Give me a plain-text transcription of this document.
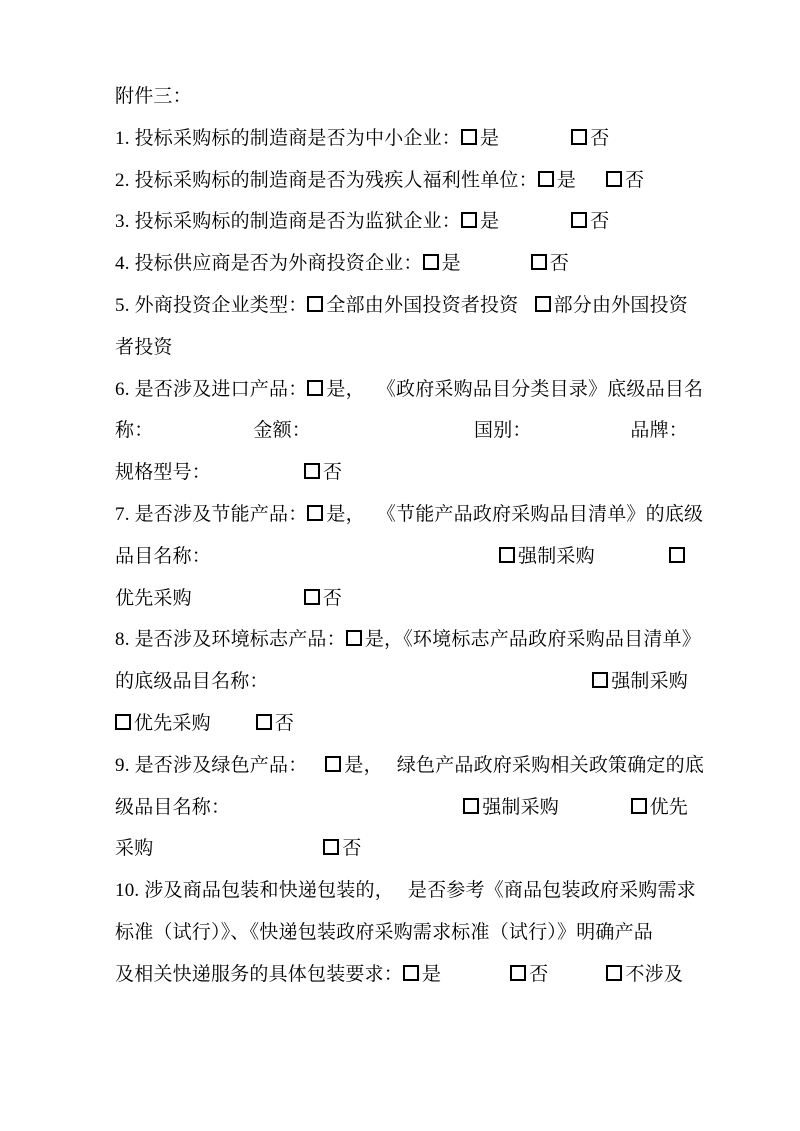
附件三：
1. 投标采购标的制造商是否为中小企业： 是	否
2. 投标采购标的制造商是否为残疾人福利性单位： 是	否
3. 投标采购标的制造商是否为监狱企业： 是	否
4. 投标供应商是否为外商投资企业： 是	否
5. 外商投资企业类型： 全部由外国投资者投资	部分由外国投资
者投资
6. 是否涉及进口产品： 是， 《政府采购品目分类目录》底级品目名
称：	金额：	国别：	品牌：
规格型号：	否
7. 是否涉及节能产品： 是， 《节能产品政府采购品目清单》的底级
品目名称：	强制采购
优先采购	否
8. 是否涉及环境标志产品： 是，《环境标志产品政府采购品目清单》
的底级品目名称：	强制采购
优先采购	否
9. 是否涉及绿色产品： 是， 绿色产品政府采购相关政策确定的底
级品目名称：	强制采购	优先
采购	否
10. 涉及商品包装和快递包装的， 是否参考《商品包装政府采购需求
标准（试行）》、《快递包装政府采购需求标准（试行）》明确产品
及相关快递服务的具体包装要求： 是	否	不涉及
